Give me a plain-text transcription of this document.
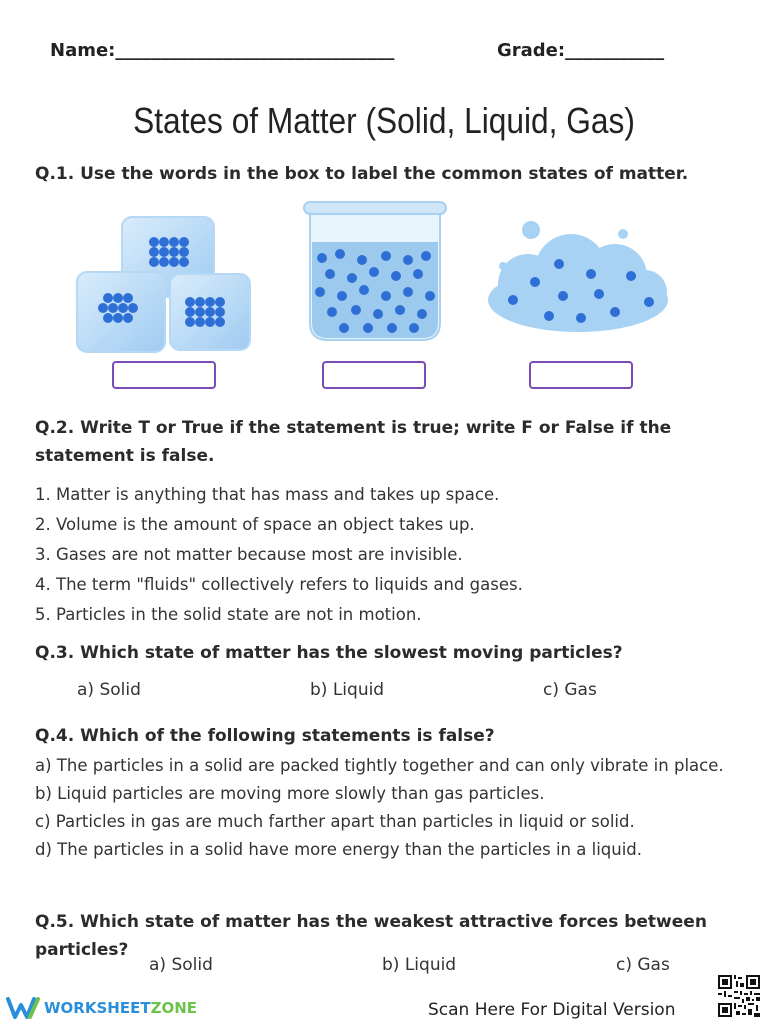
Name:_______________________________	Grade:___________
States of Matter (Solid, Liquid, Gas)
Q.1. Use the words in the box to label the common states of matter.
Q.2. Write T or True if the statement is true; write F or False if the
statement is false.
1. Matter is anything that has mass and takes up space.
2. Volume is the amount of space an object takes up.
3. Gases are not matter because most are invisible.
4. The term "fluids" collectively refers to liquids and gases.
5. Particles in the solid state are not in motion.
Q.3. Which state of matter has the slowest moving particles?
a) Solid	b) Liquid	c) Gas
Q.4. Which of the following statements is false?
a) The particles in a solid are packed tightly together and can only vibrate in place.
b) Liquid particles are moving more slowly than gas particles.
c) Particles in gas are much farther apart than particles in liquid or solid.
d) The particles in a solid have more energy than the particles in a liquid.
Q.5. Which state of matter has the weakest attractive forces between
particles?
a) Solid	b) Liquid	c) Gas
WORKSHEET ZONE	Scan Here For Digital Version
